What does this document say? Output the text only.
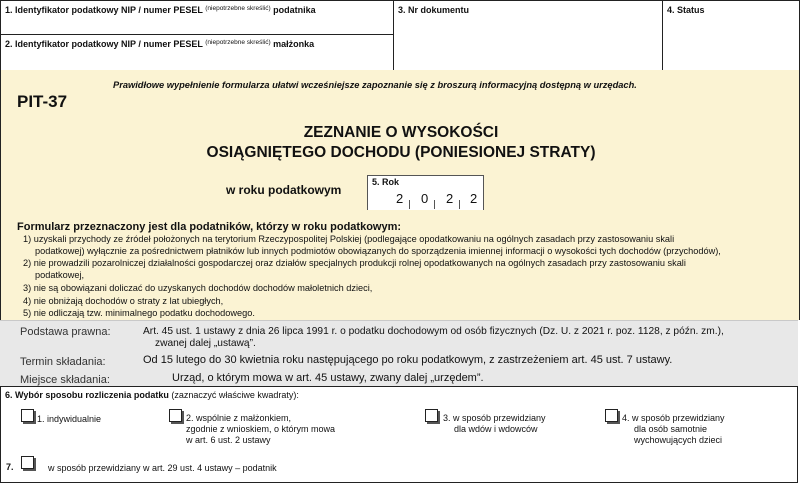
1. Identyfikator podatkowy NIP / numer PESEL $^{(niepotrzebne skreślić)}$ podatnika
2. Identyfikator podatkowy NIP / numer PESEL $^{(niepotrzebne skreślić)}$ małżonka
3. Nr dokumentu	4. Status
Prawidłowe wypełnienie formularza ułatwi wcześniejsze zapoznanie się z broszurą informacyjną dostępną w urzędach.
PIT-37
ZEZNANIE O WYSOKOŚCI
OSIĄGNIĘTEGO DOCHODU (PONIESIONEJ STRATY)
w roku podatkowym
5. Rok
2 0 2 2
Formularz przeznaczony jest dla podatników, którzy w roku podatkowym:
1) uzyskali przychody ze źródeł położonych na terytorium Rzeczypospolitej Polskiej (podlegające opodatkowaniu na ogólnych zasadach przy zastosowaniu skali
podatkowej) wyłącznie za pośrednictwem płatników lub innych podmiotów obowiązanych do sporządzenia imiennej informacji o wysokości tych dochodów (przychodów),
2) nie prowadzili pozarolniczej działalności gospodarczej oraz działów specjalnych produkcji rolnej opodatkowanych na ogólnych zasadach przy zastosowaniu skali
podatkowej,
3) nie są obowiązani doliczać do uzyskanych dochodów dochodów małoletnich dzieci,
4) nie obniżają dochodów o straty z lat ubiegłych,
5) nie odliczają tzw. minimalnego podatku dochodowego.
Podstawa prawna:	Art. 45 ust. 1 ustawy z dnia 26 lipca 1991 r. o podatku dochodowym od osób fizycznych (Dz. U. z 2021 r. poz. 1128, z późn. zm.),
zwanej dalej „ustawą”.
Termin składania:	Od 15 lutego do 30 kwietnia roku następującego po roku podatkowym, z zastrzeżeniem art. 45 ust. 7 ustawy.
Miejsce składania:	Urząd, o którym mowa w art. 45 ustawy, zwany dalej „urzędem”.
6. Wybór sposobu rozliczenia podatku (zaznaczyć właściwe kwadraty):
1. indywidualnie	2. wspólnie z małżonkiem,
zgodnie z wnioskiem, o którym mowa
w art. 6 ust. 2 ustawy
3. w sposób przewidziany
dla wdów i wdowców
4. w sposób przewidziany
dla osób samotnie
wychowujących dzieci
7.	w sposób przewidziany w art. 29 ust. 4 ustawy – podatnik
